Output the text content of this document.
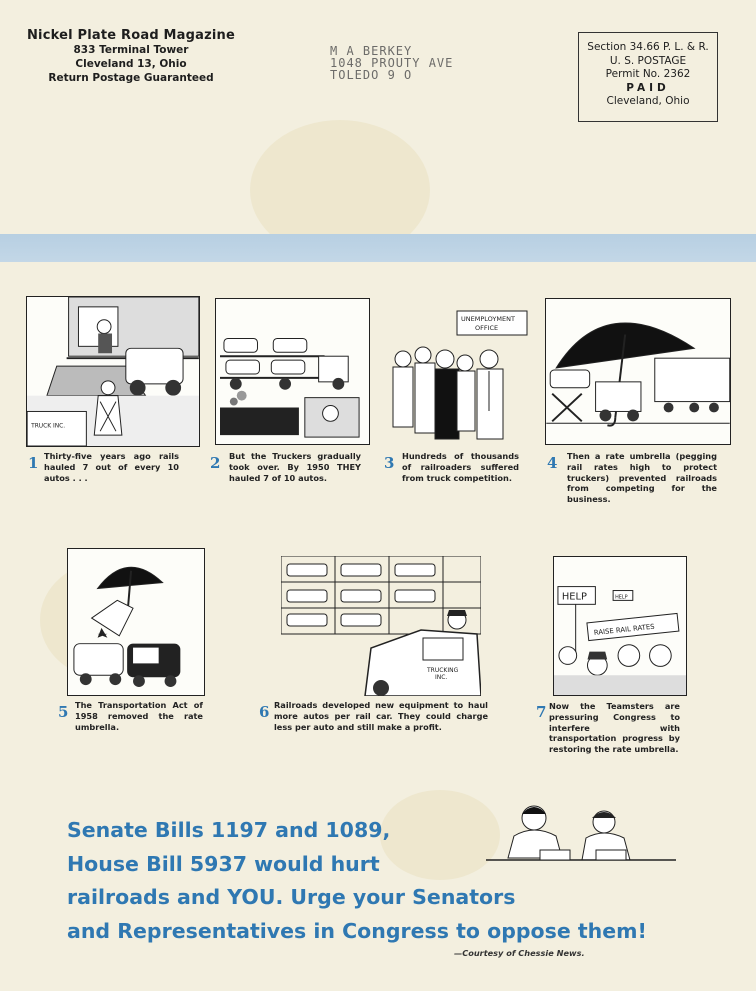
Nickel Plate Road Magazine
833 Terminal Tower
Cleveland 13, Ohio
Return Postage Guaranteed
M A BERKEY
1048 PROUTY AVE
TOLEDO 9 O
Section 34.66 P. L. & R.
U. S. POSTAGE
Permit No. 2362
PAID
Cleveland, Ohio
TRUCK INC.
1 Thirty-five years ago rails hauled 7 out of every 10 autos . . .
2 But the Truckers gradually took over. By 1950 THEY hauled 7 of 10 autos.
UNEMPLOYMENT
OFFICE
3 Hundreds of thousands of railroaders suffered from truck competition.
4 Then a rate umbrella (pegging rail rates high to protect truckers) prevented railroads from competing for the business.
5 The Transportation Act of 1958 removed the rate umbrella.
TRUCKING
INC.
6 Railroads developed new equipment to haul more autos per rail car. They could charge less per auto and still make a profit.
HELP	HELP
RAISE RAIL RATES
7 Now the Teamsters are pressuring Congress to interfere with transportation progress by restoring the rate umbrella.
Senate Bills 1197 and 1089,
House Bill 5937 would hurt
railroads and YOU. Urge your Senators
and Representatives in Congress to oppose them!
—Courtesy of Chessie News.
